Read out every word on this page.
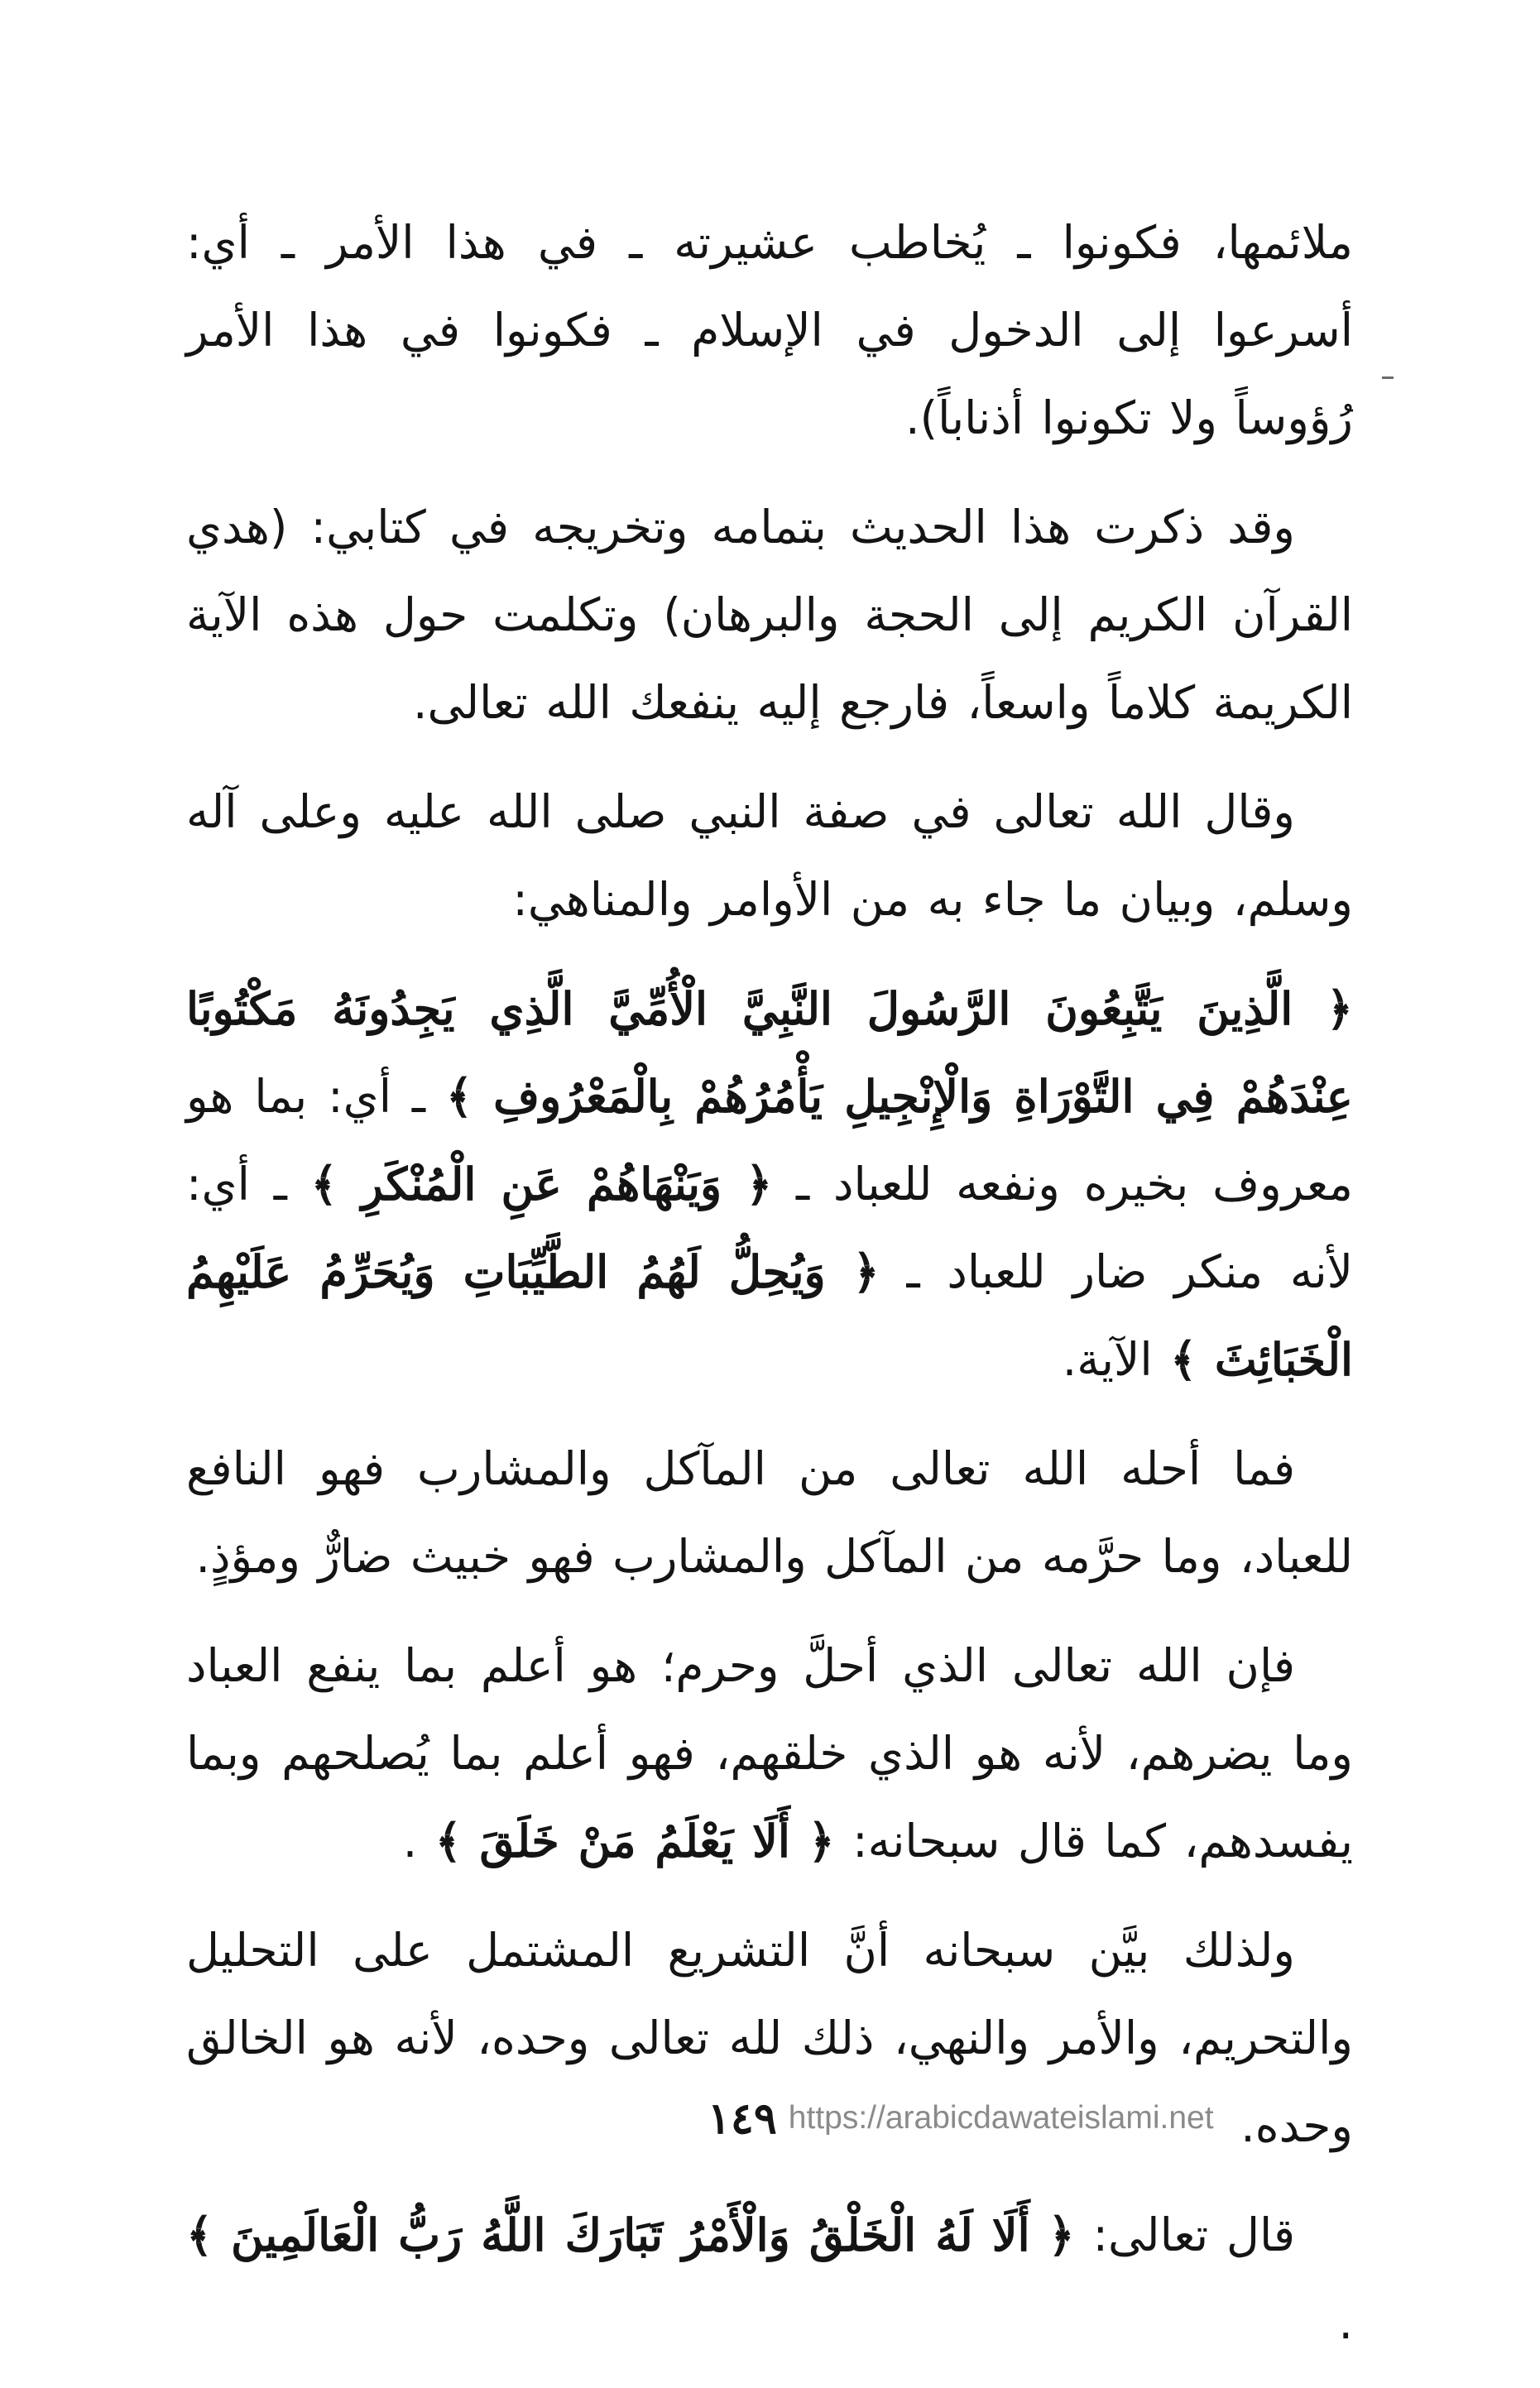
ملائمها، فكونوا ـ يُخاطب عشيرته ـ في هذا الأمر ـ أي: أسرعوا إلى الدخول في الإسلام ـ فكونوا في هذا الأمر رُؤوساً ولا تكونوا أذناباً).

وقد ذكرت هذا الحديث بتمامه وتخريجه في كتابي: (هدي القرآن الكريم إلى الحجة والبرهان) وتكلمت حول هذه الآية الكريمة كلاماً واسعاً، فارجع إليه ينفعك الله تعالى.

وقال الله تعالى في صفة النبي صلى الله عليه وعلى آله وسلم، وبيان ما جاء به من الأوامر والمناهي:

﴿ الَّذِينَ يَتَّبِعُونَ الرَّسُولَ النَّبِيَّ الْأُمِّيَّ الَّذِي يَجِدُونَهُ مَكْتُوبًا عِنْدَهُمْ فِي التَّوْرَاةِ وَالْإِنْجِيلِ يَأْمُرُهُمْ بِالْمَعْرُوفِ ﴾ ـ أي: بما هو معروف بخيره ونفعه للعباد ـ ﴿ وَيَنْهَاهُمْ عَنِ الْمُنْكَرِ ﴾ ـ أي: لأنه منكر ضار للعباد ـ ﴿ وَيُحِلُّ لَهُمُ الطَّيِّبَاتِ وَيُحَرِّمُ عَلَيْهِمُ الْخَبَائِثَ ﴾ الآية.

فما أحله الله تعالى من المآكل والمشارب فهو النافع للعباد، وما حرَّمه من المآكل والمشارب فهو خبيث ضارٌّ ومؤذٍ.

فإن الله تعالى الذي أحلَّ وحرم؛ هو أعلم بما ينفع العباد وما يضرهم، لأنه هو الذي خلقهم، فهو أعلم بما يُصلحهم وبما يفسدهم، كما قال سبحانه: ﴿ أَلَا يَعْلَمُ مَنْ خَلَقَ ﴾ .

ولذلك بيَّن سبحانه أنَّ التشريع المشتمل على التحليل والتحريم، والأمر والنهي، ذلك لله تعالى وحده، لأنه هو الخالق وحده.

قال تعالى: ﴿ أَلَا لَهُ الْخَلْقُ وَالْأَمْرُ تَبَارَكَ اللَّهُ رَبُّ الْعَالَمِينَ ﴾ .

١٤٩ https://arabicdawateislami.net
